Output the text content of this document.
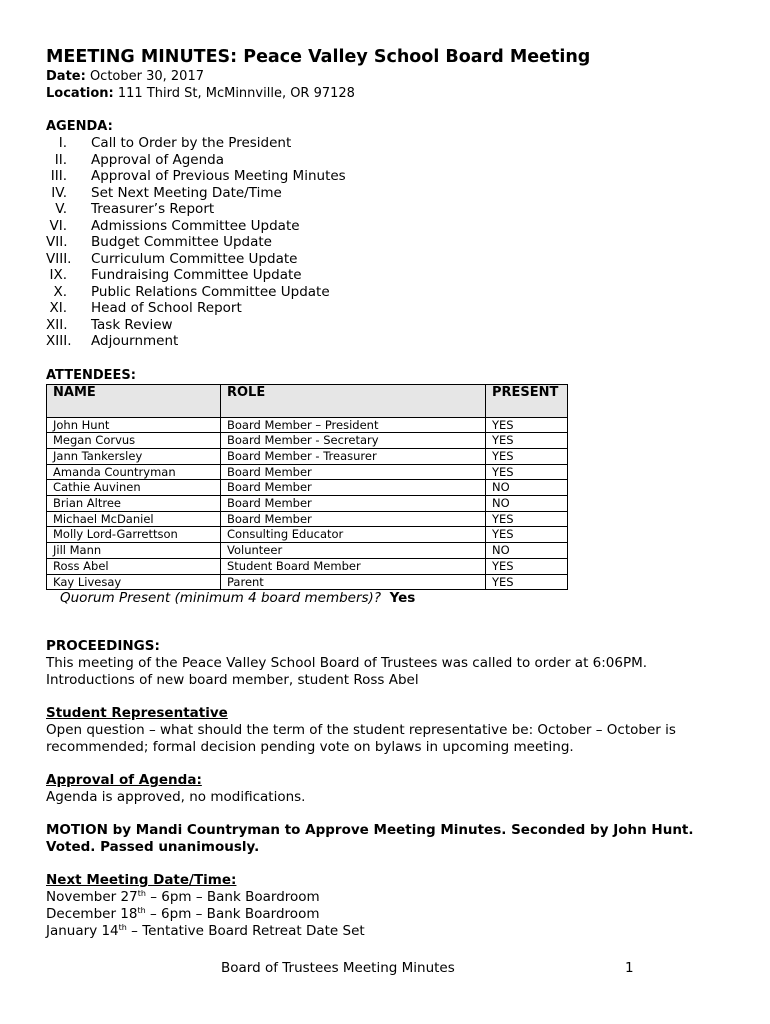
MEETING MINUTES: Peace Valley School Board Meeting
Date: October 30, 2017
Location: 111 Third St, McMinnville, OR 97128
AGENDA:
I. Call to Order by the President
II. Approval of Agenda
III. Approval of Previous Meeting Minutes
IV. Set Next Meeting Date/Time
V. Treasurer’s Report
VI. Admissions Committee Update
VII. Budget Committee Update
VIII. Curriculum Committee Update
IX. Fundraising Committee Update
X. Public Relations Committee Update
XI. Head of School Report
XII. Task Review
XIII. Adjournment
ATTENDEES:
NAME	ROLE	PRESENT
John Hunt	Board Member – President	YES
Megan Corvus	Board Member - Secretary	YES
Jann Tankersley	Board Member - Treasurer	YES
Amanda Countryman	Board Member	YES
Cathie Auvinen	Board Member	NO
Brian Altree	Board Member	NO
Michael McDaniel	Board Member	YES
Molly Lord-Garrettson	Consulting Educator	YES
Jill Mann	Volunteer	NO
Ross Abel	Student Board Member	YES
Kay Livesay	Parent	YES
Quorum Present (minimum 4 board members)? Yes
PROCEEDINGS:
This meeting of the Peace Valley School Board of Trustees was called to order at 6:06PM.
Introductions of new board member, student Ross Abel
Student Representative
Open question – what should the term of the student representative be: October – October is recommended; formal decision pending vote on bylaws in upcoming meeting.
Approval of Agenda:
Agenda is approved, no modifications.
MOTION by Mandi Countryman to Approve Meeting Minutes. Seconded by John Hunt. Voted. Passed unanimously.
Next Meeting Date/Time:
November 27th – 6pm – Bank Boardroom
December 18th – 6pm – Bank Boardroom
January 14th – Tentative Board Retreat Date Set
Board of Trustees Meeting Minutes	1
